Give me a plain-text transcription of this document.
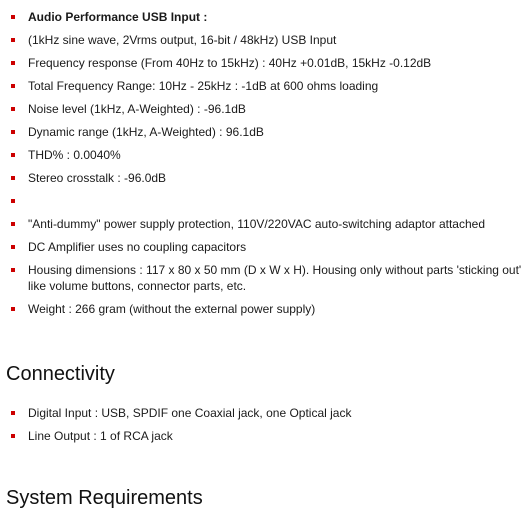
Audio Performance USB Input :
(1kHz sine wave, 2Vrms output, 16-bit / 48kHz) USB Input
Frequency response (From 40Hz to 15kHz) : 40Hz +0.01dB, 15kHz -0.12dB
Total Frequency Range: 10Hz - 25kHz : -1dB at 600 ohms loading
Noise level (1kHz, A-Weighted) : -96.1dB
Dynamic range (1kHz, A-Weighted) : 96.1dB
THD% : 0.0040%
Stereo crosstalk : -96.0dB
"Anti-dummy" power supply protection, 110V/220VAC auto-switching adaptor attached
DC Amplifier uses no coupling capacitors
Housing dimensions : 117 x 80 x 50 mm (D x W x H). Housing only without parts 'sticking out' like volume buttons, connector parts, etc.
Weight : 266 gram (without the external power supply)
Connectivity
Digital Input : USB, SPDIF one Coaxial jack, one Optical jack
Line Output : 1 of RCA jack
System Requirements
